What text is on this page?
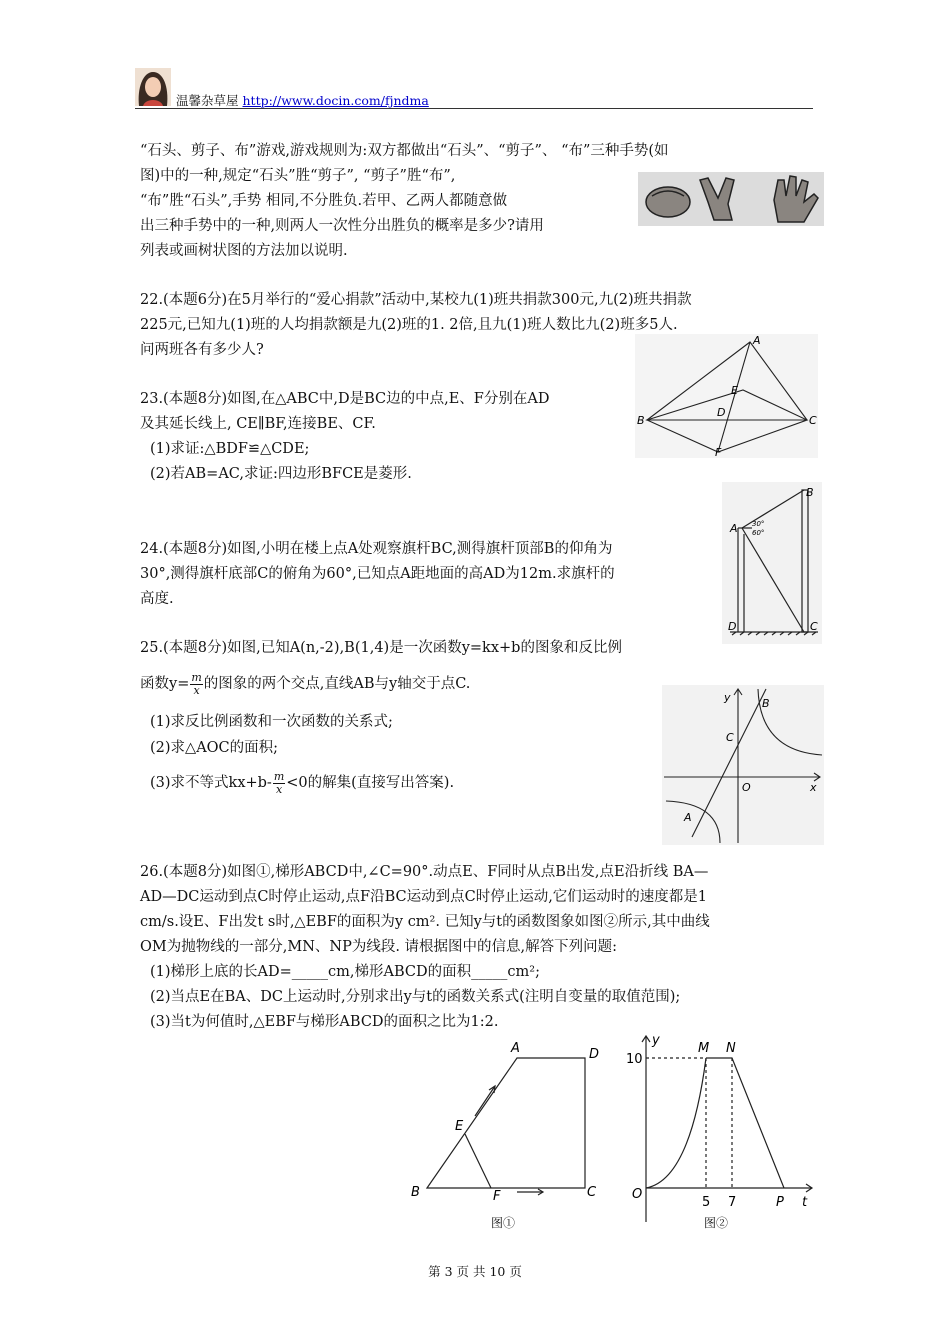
温馨杂草屋 http://www.docin.com/fjndma
“石头、剪子、布”游戏,游戏规则为:双方都做出“石头”、“剪子”、 “布”三种手势(如
图)中的一种,规定“石头”胜“剪子”, “剪子”胜“布”,
“布”胜“石头”,手势 相同,不分胜负.若甲、乙两人都随意做
出三种手势中的一种,则两人一次性分出胜负的概率是多少?请用
列表或画树状图的方法加以说明.
22.(本题6分)在5月举行的“爱心捐款”活动中,某校九(1)班共捐款300元,九(2)班共捐款
225元,已知九(1)班的人均捐款额是九(2)班的1. 2倍,且九(1)班人数比九(2)班多5人.
问两班各有多少人?
23.(本题8分)如图,在△ABC中,D是BC边的中点,E、F分别在AD
及其延长线上, CE∥BF,连接BE、CF.
(1)求证:△BDF≌△CDE;
(2)若AB=AC,求证:四边形BFCE是菱形.
A
E
D
B	C
F
24.(本题8分)如图,小明在楼上点A处观察旗杆BC,测得旗杆顶部B的仰角为
30°,测得旗杆底部C的俯角为60°,已知点A距地面的高AD为12m.求旗杆的
高度.
B
A 30°
60°
D	C
25.(本题8分)如图,已知A(n,-2),B(1,4)是一次函数y=kx+b的图象和反比例
函数$y= \frac{m}{x}$ 的图象的两个交点,直线AB与y轴交于点C.
(1)求反比例函数和一次函数的关系式;
(2)求△AOC的面积;
(3)求不等式$kx+b- \frac{m}{x} <0$的解集(直接写出答案).
y	B
C
O	x
A
26.(本题8分)如图①,梯形ABCD中,∠C=90°.动点E、F同时从点B出发,点E沿折线 BA—
AD—DC运动到点C时停止运动,点F沿BC运动到点C时停止运动,它们运动时的速度都是1
cm/s.设E、F出发t s时,△EBF的面积为y cm². 已知y与t的函数图象如图②所示,其中曲线
OM为抛物线的一部分,MN、NP为线段. 请根据图中的信息,解答下列问题:
(1)梯形上底的长AD=_____cm,梯形ABCD的面积_____cm²;
(2)当点E在BA、DC上运动时,分别求出y与t的函数关系式(注明自变量的取值范围);
(3)当t为何值时,△EBF与梯形ABCD的面积之比为1:2.
A	D
E
B	F	C
图①
y
10
M N
O
5 7	P t
图②
第 3 页 共 10 页
